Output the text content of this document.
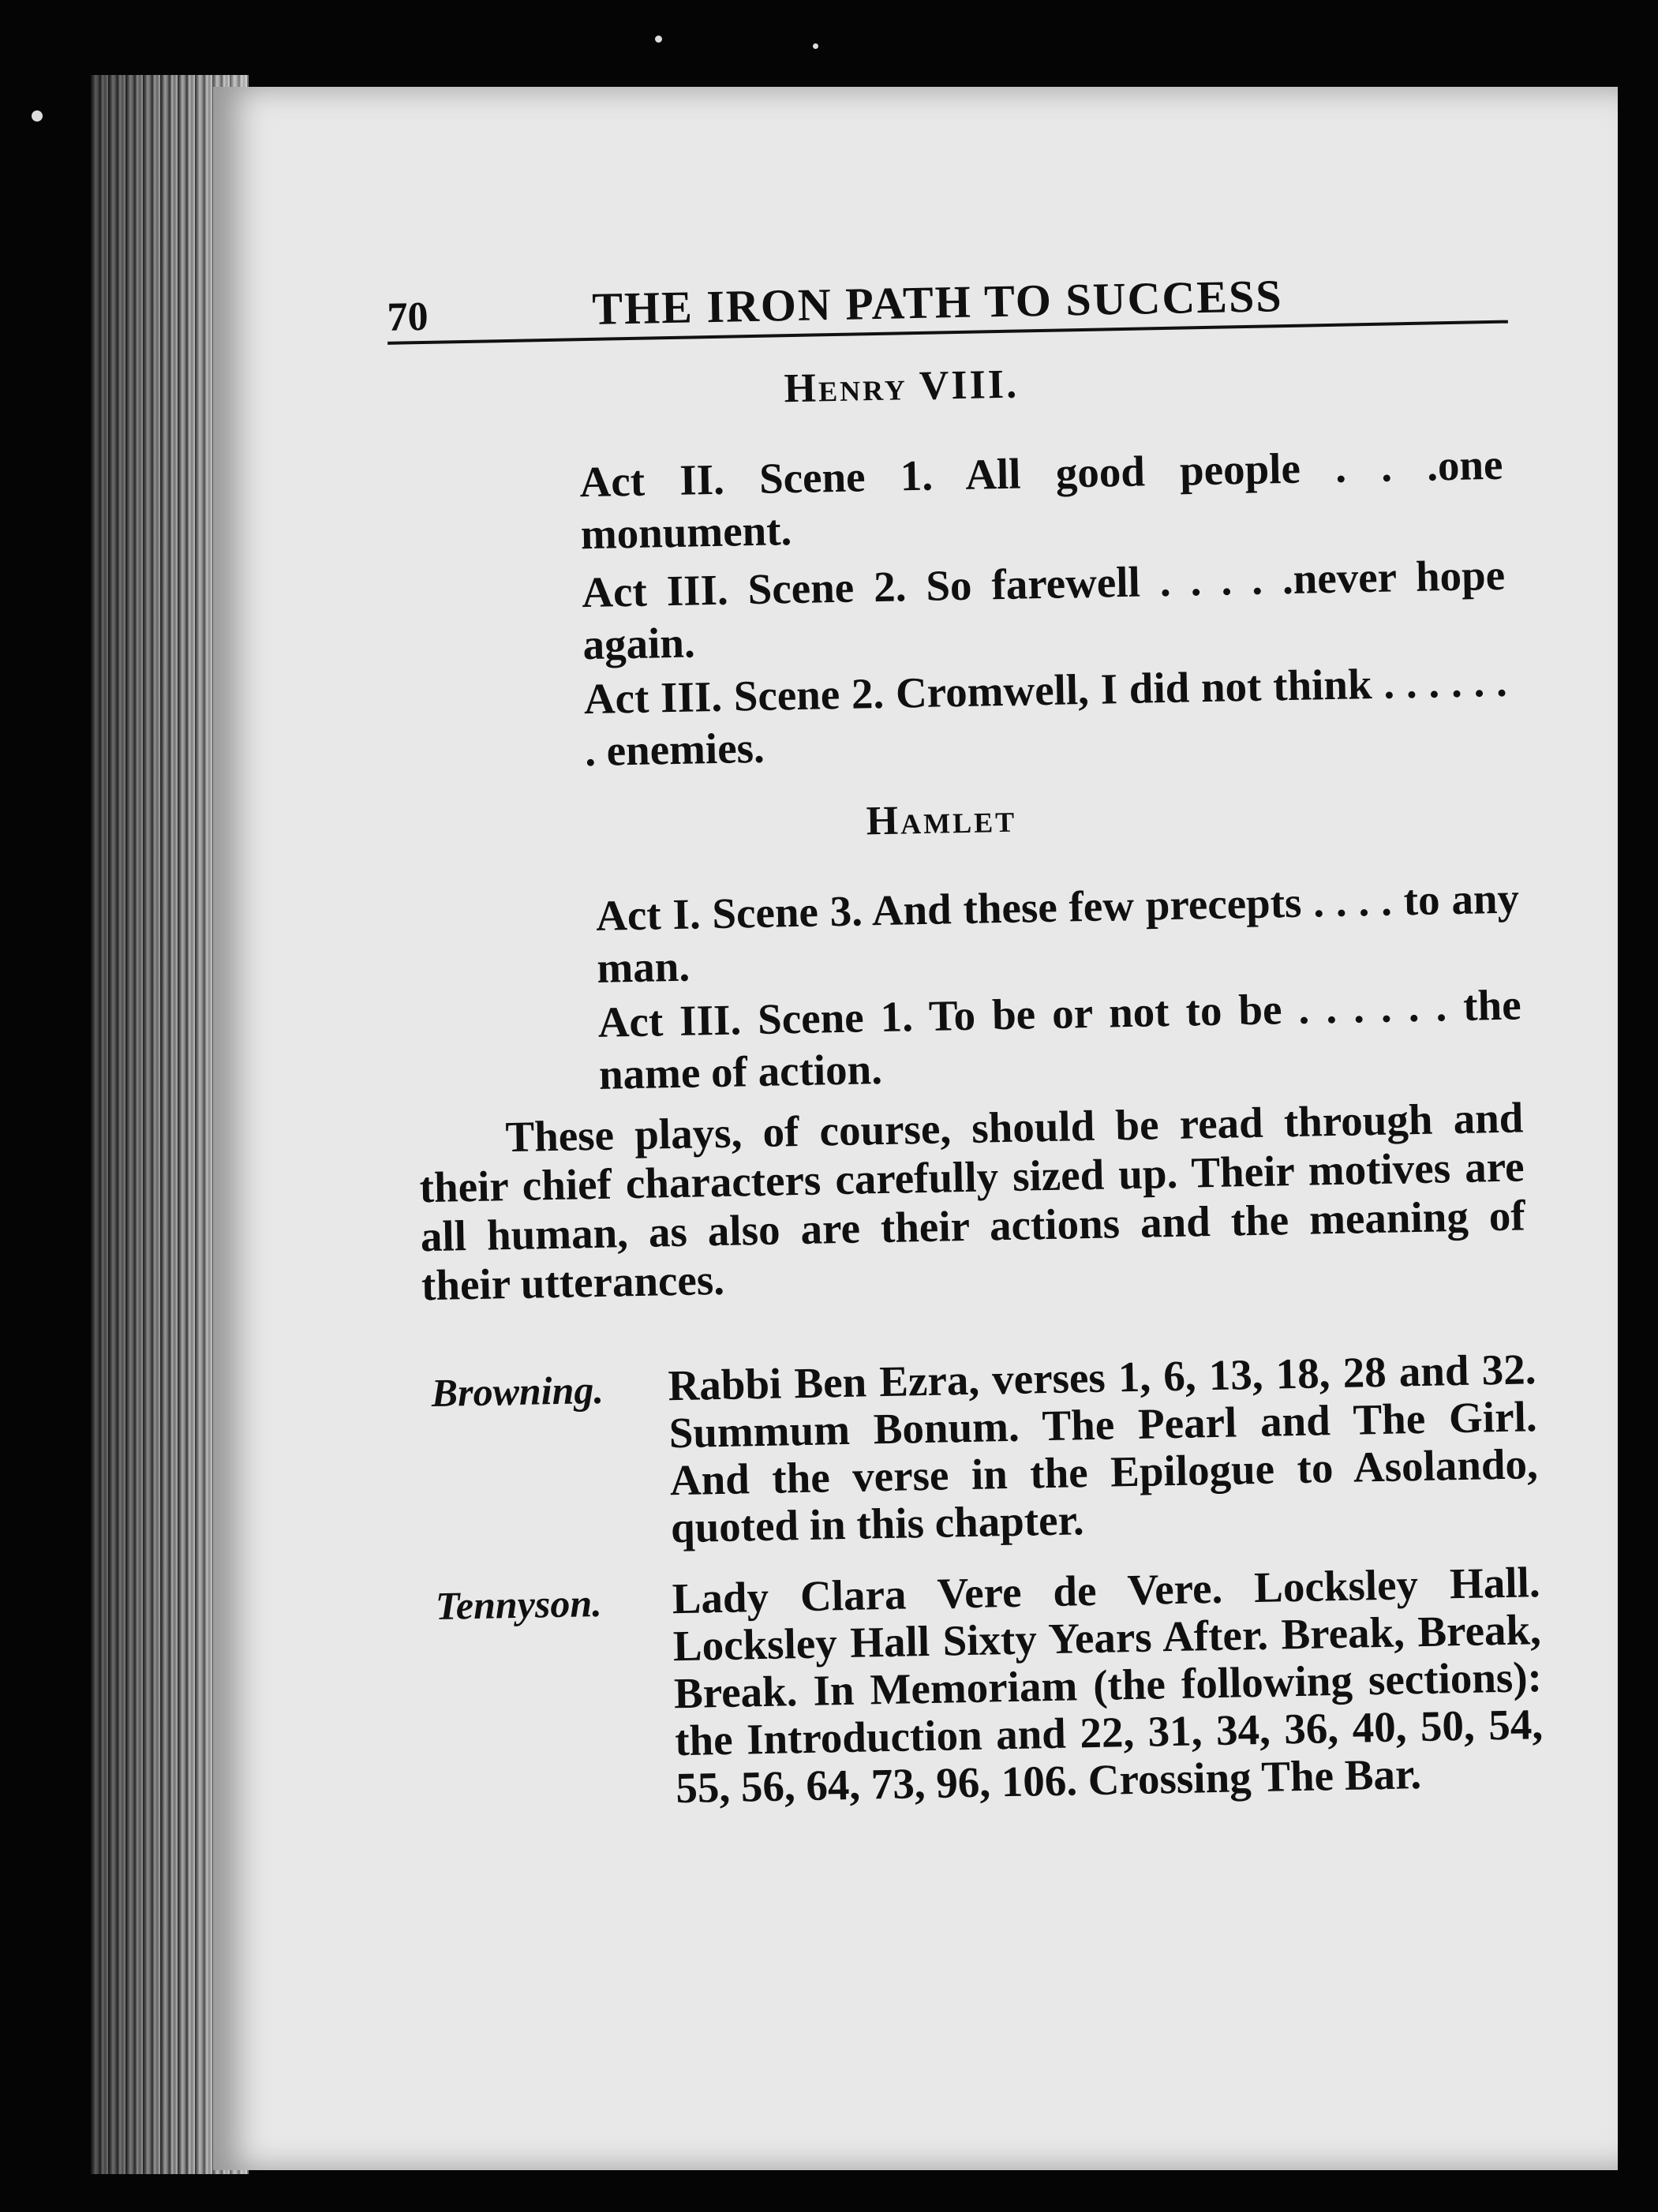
70	THE IRON PATH TO SUCCESS
Henry VIII.
Act II. Scene 1. All good people . . .one monument.
Act III. Scene 2. So farewell . . . . .never hope again.
Act III. Scene 2. Cromwell, I did not think . . . . . . . enemies.
Hamlet
Act I. Scene 3. And these few precepts . . . . to any man.
Act III. Scene 1. To be or not to be . . . . . . the name of action.
These plays, of course, should be read through and their chief characters carefully sized up. Their motives are all human, as also are their actions and the meaning of their utterances.
Browning. Rabbi Ben Ezra, verses 1, 6, 13, 18, 28 and 32. Summum Bonum. The Pearl and The Girl. And the verse in the Epilogue to Asolando, quoted in this chapter.
Tennyson. Lady Clara Vere de Vere. Locksley Hall. Locksley Hall Sixty Years After. Break, Break, Break. In Memoriam (the following sections): the Introduction and 22, 31, 34, 36, 40, 50, 54, 55, 56, 64, 73, 96, 106. Crossing The Bar.
